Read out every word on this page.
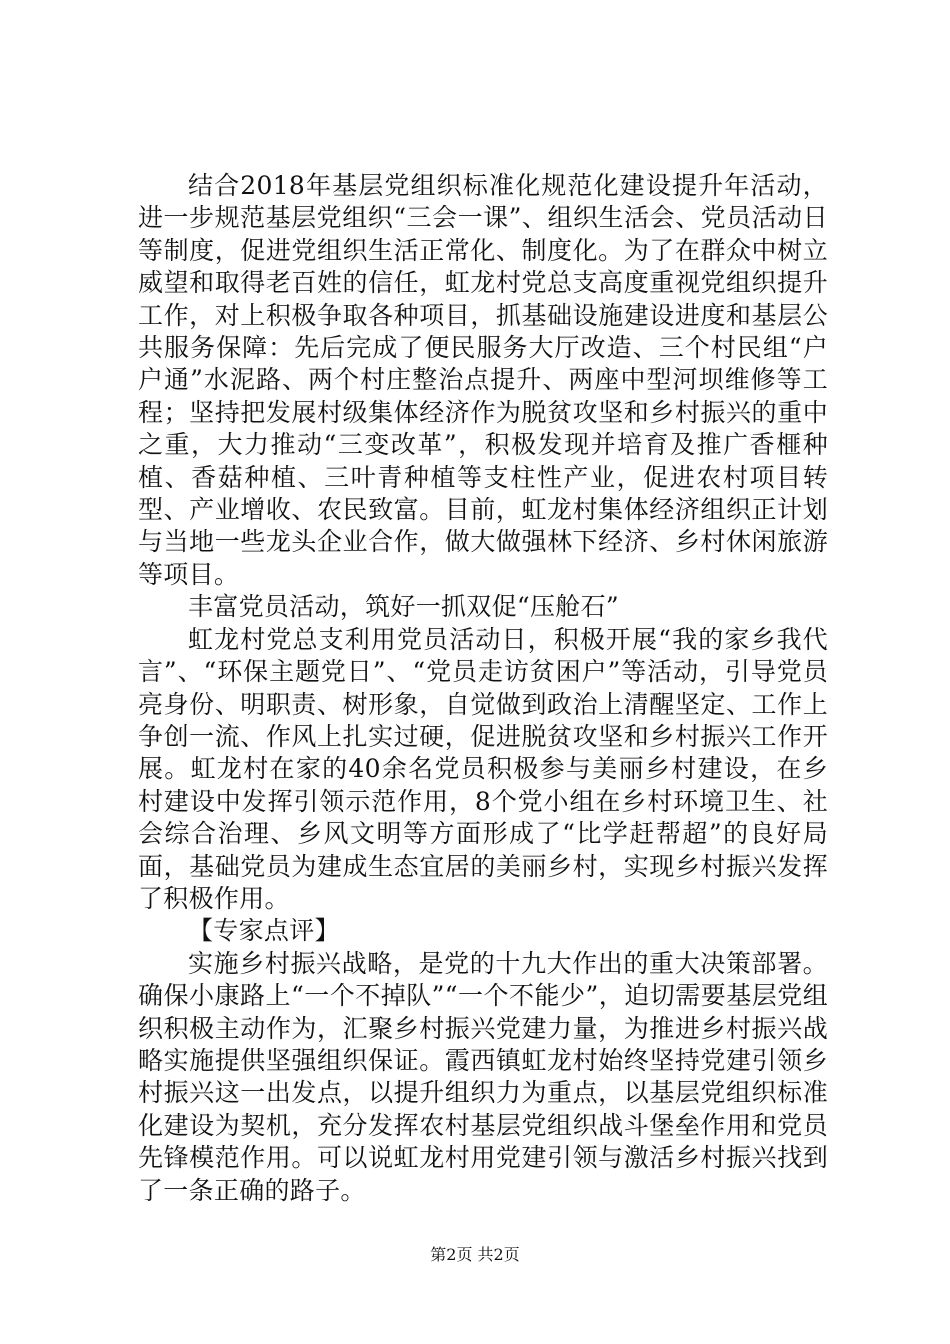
结合2018年基层党组织标准化规范化建设提升年活动，进一步规范基层党组织“三会一课”、组织生活会、党员活动日等制度，促进党组织生活正常化、制度化。为了在群众中树立威望和取得老百姓的信任，虹龙村党总支高度重视党组织提升工作，对上积极争取各种项目，抓基础设施建设进度和基层公共服务保障：先后完成了便民服务大厅改造、三个村民组“户户通”水泥路、两个村庄整治点提升、两座中型河坝维修等工程；坚持把发展村级集体经济作为脱贫攻坚和乡村振兴的重中之重，大力推动“三变改革”，积极发现并培育及推广香榧种植、香菇种植、三叶青种植等支柱性产业，促进农村项目转型、产业增收、农民致富。目前，虹龙村集体经济组织正计划与当地一些龙头企业合作，做大做强林下经济、乡村休闲旅游等项目。

丰富党员活动，筑好一抓双促“压舱石”

虹龙村党总支利用党员活动日，积极开展“我的家乡我代言”、“环保主题党日”、“党员走访贫困户”等活动，引导党员亮身份、明职责、树形象，自觉做到政治上清醒坚定、工作上争创一流、作风上扎实过硬，促进脱贫攻坚和乡村振兴工作开展。虹龙村在家的40余名党员积极参与美丽乡村建设，在乡村建设中发挥引领示范作用，8个党小组在乡村环境卫生、社会综合治理、乡风文明等方面形成了“比学赶帮超”的良好局面，基础党员为建成生态宜居的美丽乡村，实现乡村振兴发挥了积极作用。

【专家点评】

实施乡村振兴战略，是党的十九大作出的重大决策部署。确保小康路上“一个不掉队”“一个不能少”，迫切需要基层党组织积极主动作为，汇聚乡村振兴党建力量，为推进乡村振兴战略实施提供坚强组织保证。霞西镇虹龙村始终坚持党建引领乡村振兴这一出发点，以提升组织力为重点，以基层党组织标准化建设为契机，充分发挥农村基层党组织战斗堡垒作用和党员先锋模范作用。可以说虹龙村用党建引领与激活乡村振兴找到了一条正确的路子。

第2页 共2页
